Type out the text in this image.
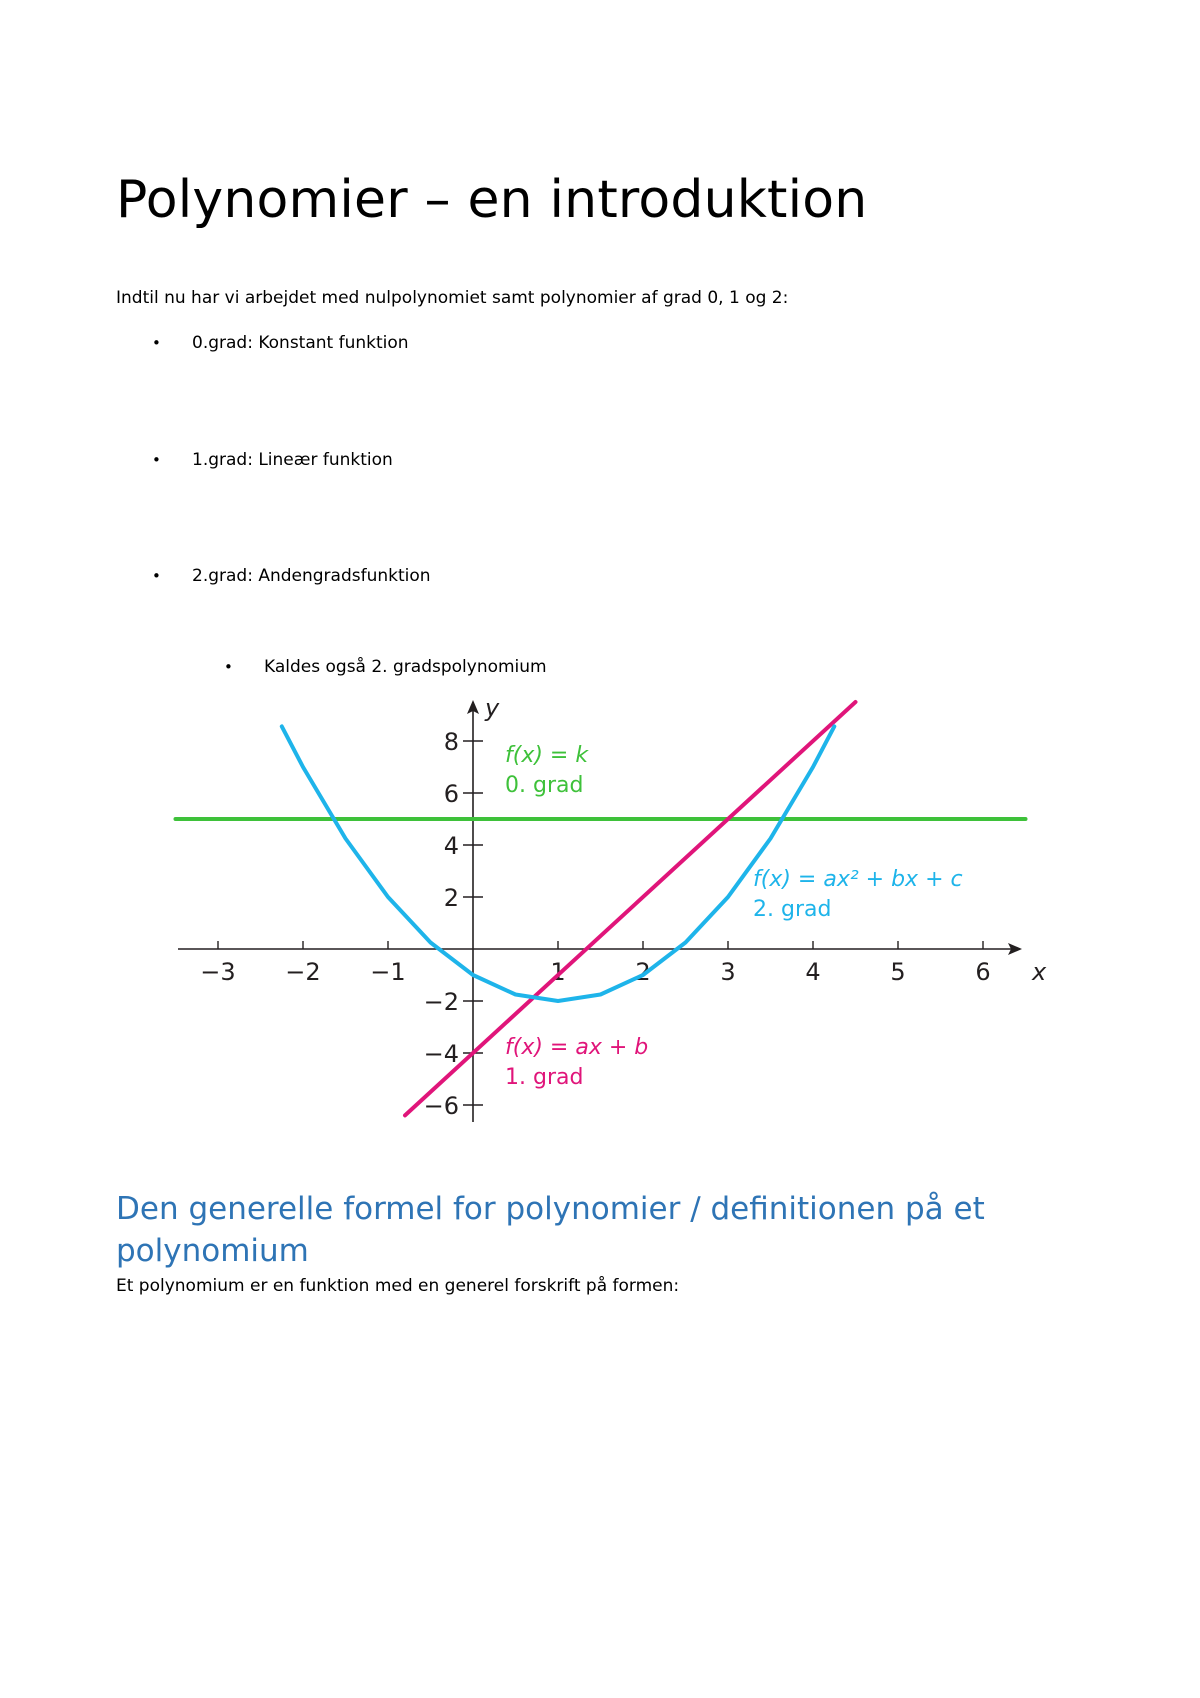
Polynomier – en introduktion

Indtil nu har vi arbejdet med nulpolynomiet samt polynomier af grad 0, 1 og 2:

• 0.grad: Konstant funktion
• 1.grad: Lineær funktion
• 2.grad: Andengradsfunktion
• Kaldes også 2. gradspolynomium
−3 −2 −1	1	2	3	4	5	6
8
6
4
2
−2
−4
−6
x
y
f(x) = k
0. grad
f(x) = ax + b
1. grad
f(x) = ax² + bx + c
2. grad
Den generelle formel for polynomier / definitionen på et polynomium

Et polynomium er en funktion med en generel forskrift på formen:
